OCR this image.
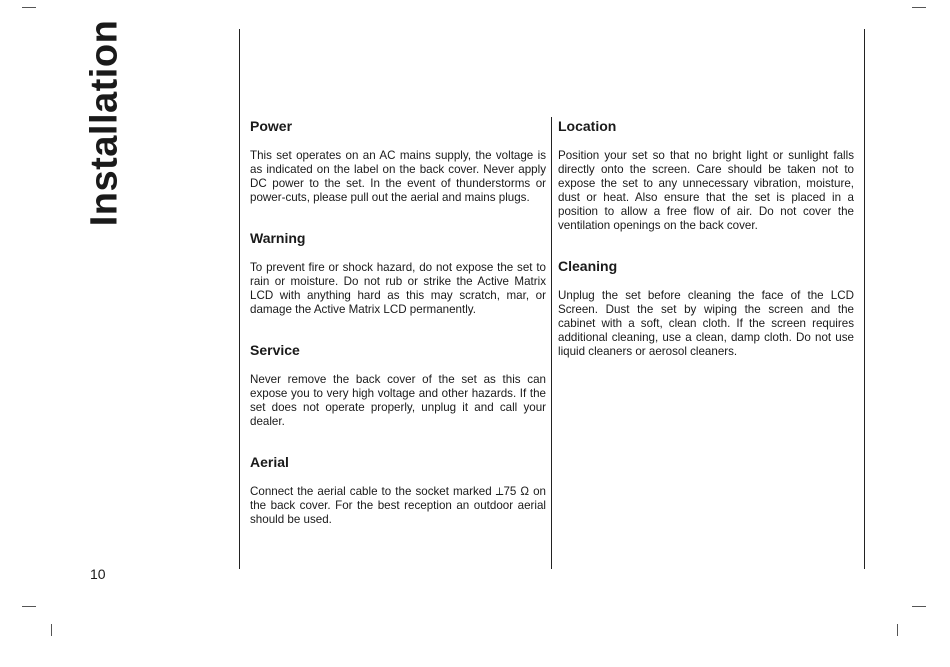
Installation	Power

This set operates on an AC mains supply, the voltage is as indicated on the label on the back cover. Never apply DC power to the set. In the event of thunderstorms or power-cuts, please pull out the aerial and mains plugs.

Warning

To prevent fire or shock hazard, do not expose the set to rain or moisture. Do not rub or strike the Active Matrix LCD with anything hard as this may scratch, mar, or damage the Active Matrix LCD permanently.

Service

Never remove the back cover of the set as this can expose you to very high voltage and other hazards. If the set does not operate properly, unplug it and call your dealer.

Aerial

Connect the aerial cable to the socket marked ⟂75 Ω on the back cover. For the best reception an outdoor aerial should be used.

Location

Position your set so that no bright light or sunlight falls directly onto the screen. Care should be taken not to expose the set to any unnecessary vibration, moisture, dust or heat. Also ensure that the set is placed in a position to allow a free flow of air. Do not cover the ventilation openings on the back cover.

Cleaning

Unplug the set before cleaning the face of the LCD Screen. Dust the set by wiping the screen and the cabinet with a soft, clean cloth. If the screen requires additional cleaning, use a clean, damp cloth. Do not use liquid cleaners or aerosol cleaners.

10
